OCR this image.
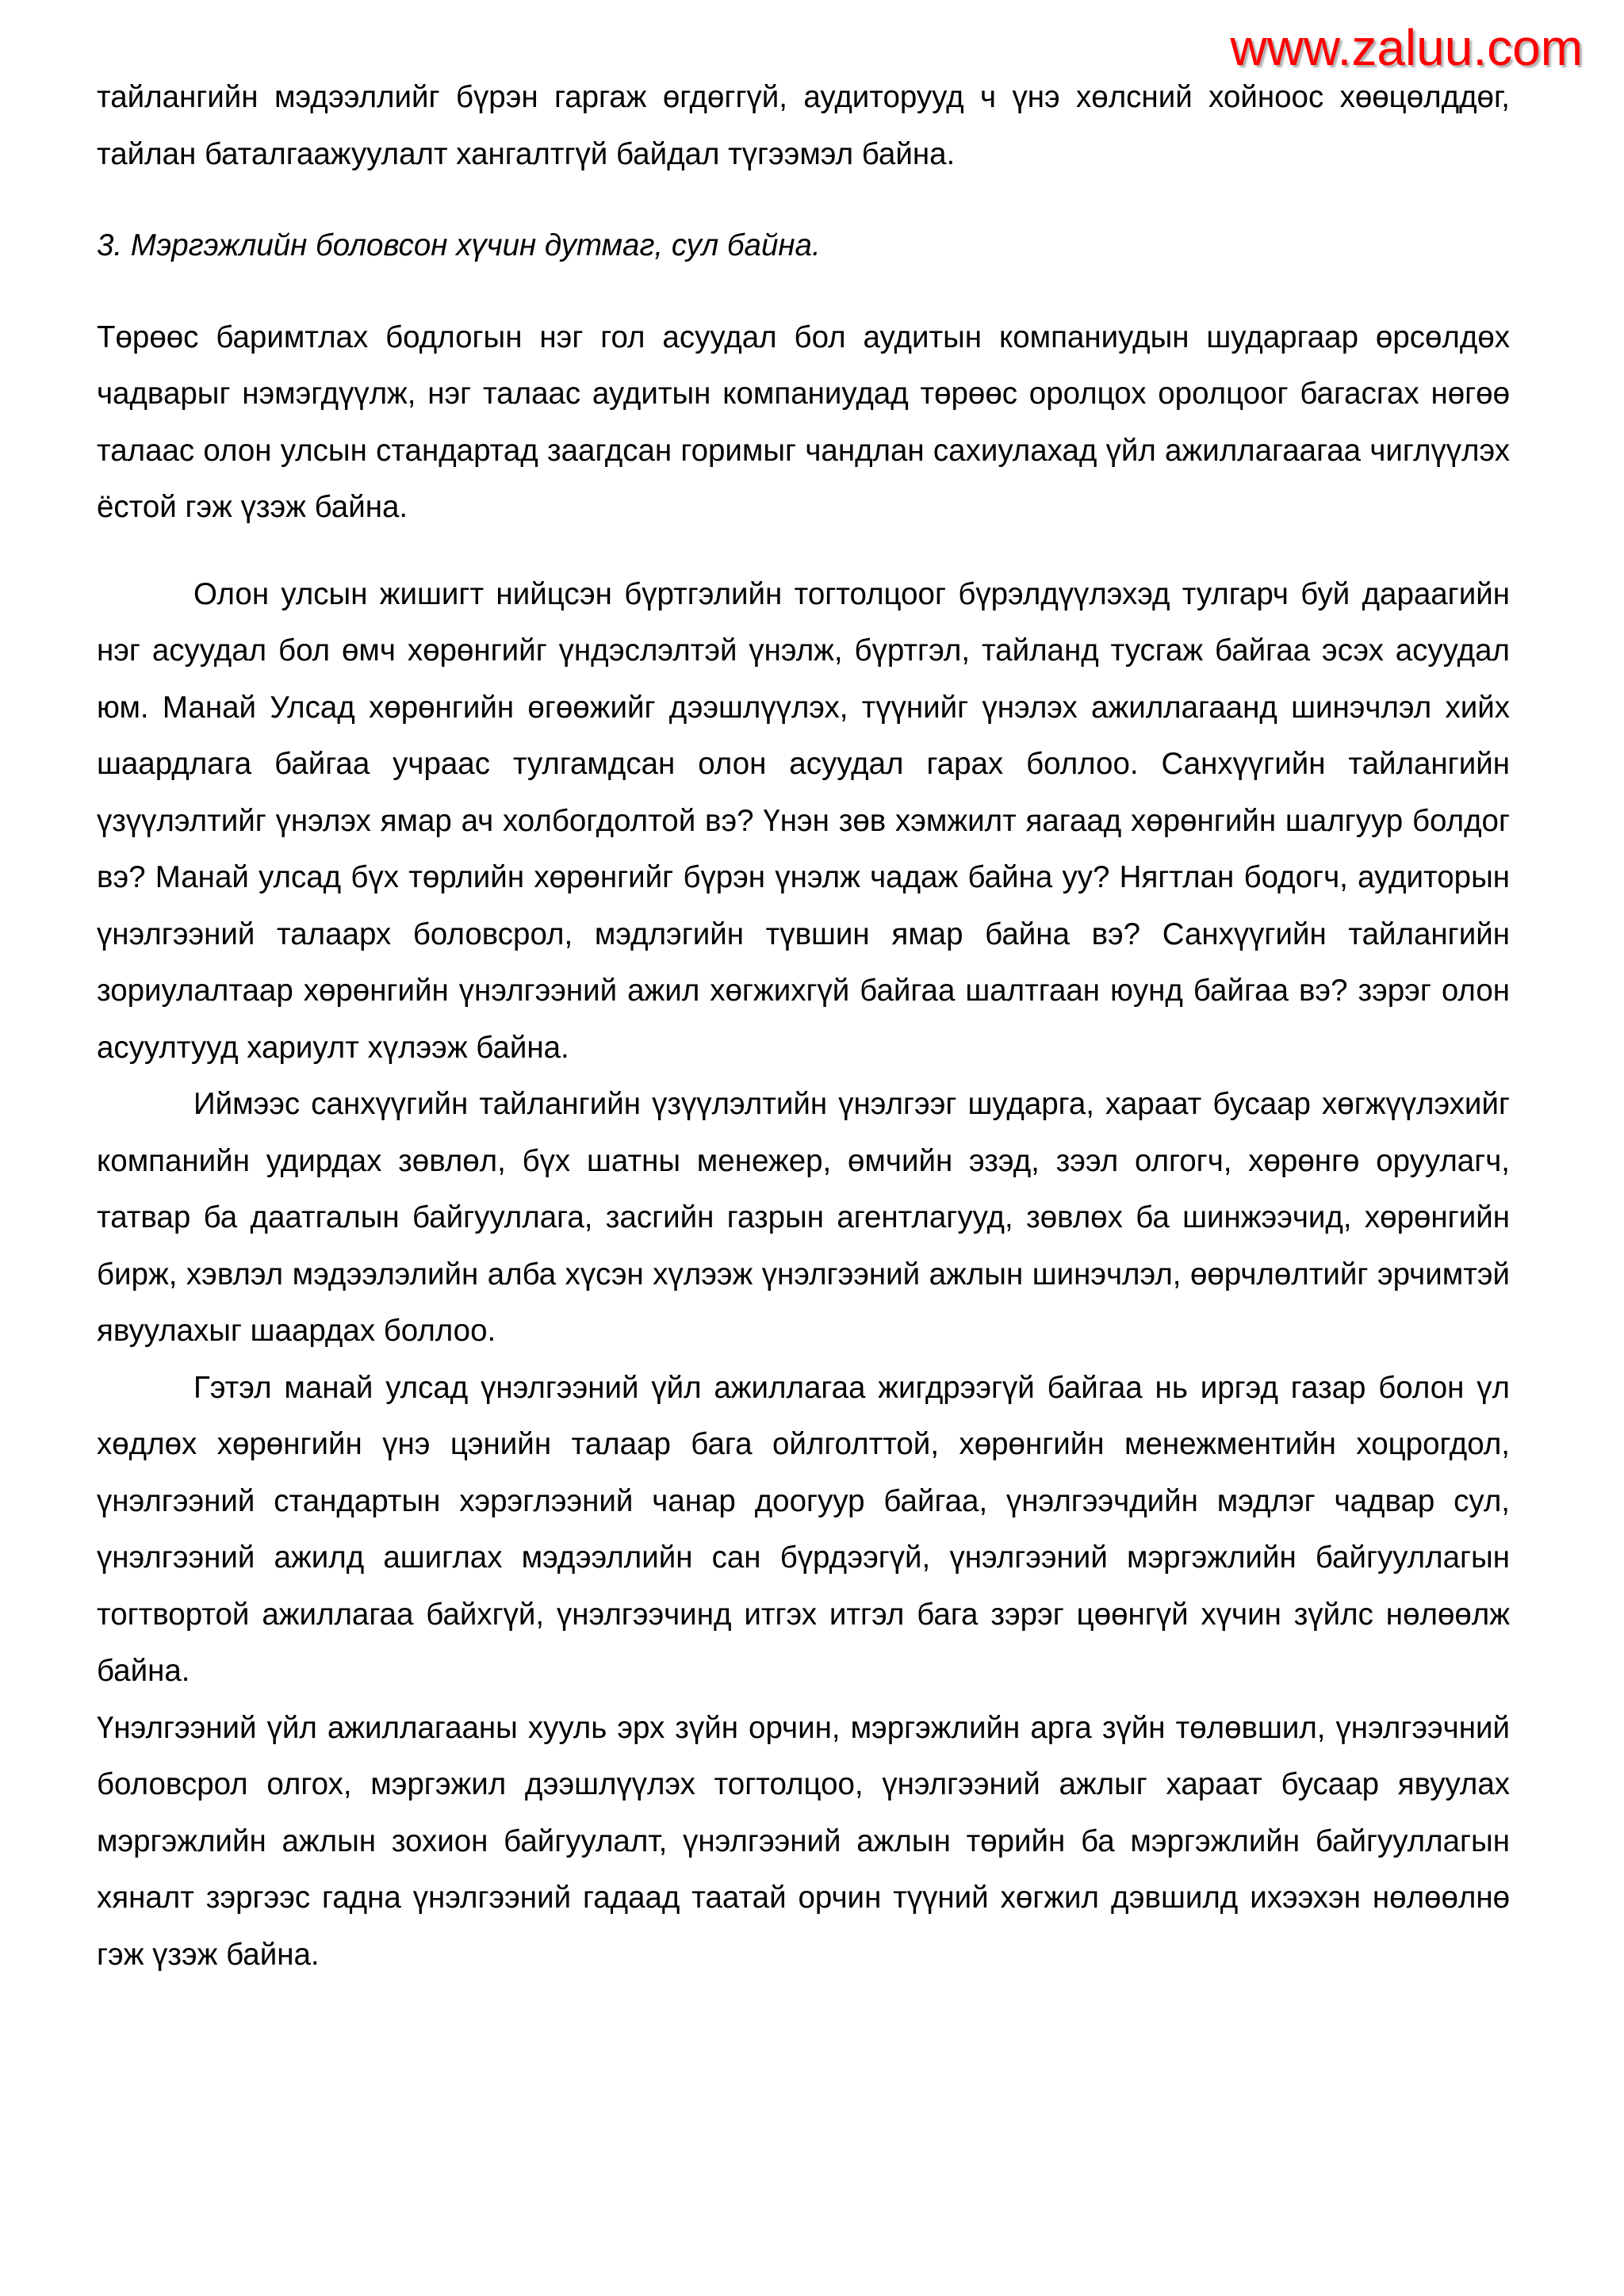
www.zaluu.com

тайлангийн мэдээллийг бүрэн гаргаж өгдөггүй, аудиторууд ч үнэ хөлсний хойноос хөөцөлддөг, тайлан баталгаажуулалт хангалтгүй байдал түгээмэл байна.

3. Мэргэжлийн боловсон хүчин дутмаг, сул байна.

Төрөөс баримтлах бодлогын нэг гол асуудал бол аудитын компаниудын шударгаар өрсөлдөх чадварыг нэмэгдүүлж, нэг талаас аудитын компаниудад төрөөс оролцох оролцоог багасгах нөгөө талаас олон улсын стандартад заагдсан горимыг чандлан сахиулахад үйл ажиллагаагаа чиглүүлэх ёстой гэж үзэж байна.

Олон улсын жишигт нийцсэн бүртгэлийн тогтолцоог бүрэлдүүлэхэд тулгарч буй дараагийн нэг асуудал бол өмч хөрөнгийг үндэслэлтэй үнэлж, бүртгэл, тайланд тусгаж байгаа эсэх асуудал юм. Манай Улсад хөрөнгийн өгөөжийг дээшлүүлэх, түүнийг үнэлэх ажиллагаанд шинэчлэл хийх шаардлага байгаа учраас тулгамдсан олон асуудал гарах боллоо. Санхүүгийн тайлангийн үзүүлэлтийг үнэлэх ямар ач холбогдолтой вэ? Үнэн зөв хэмжилт яагаад хөрөнгийн шалгуур болдог вэ? Манай улсад бүх төрлийн хөрөнгийг бүрэн үнэлж чадаж байна уу? Нягтлан бодогч, аудиторын үнэлгээний талаарх боловсрол, мэдлэгийн түвшин ямар байна вэ? Санхүүгийн тайлангийн зориулалтаар хөрөнгийн үнэлгээний ажил хөгжихгүй байгаа шалтгаан юунд байгаа вэ? зэрэг олон асуултууд хариулт хүлээж байна.

Иймээс санхүүгийн тайлангийн үзүүлэлтийн үнэлгээг шударга, хараат бусаар хөгжүүлэхийг компанийн удирдах зөвлөл, бүх шатны менежер, өмчийн эзэд, зээл олгогч, хөрөнгө оруулагч, татвар ба даатгалын байгууллага, засгийн газрын агентлагууд, зөвлөх ба шинжээчид, хөрөнгийн бирж, хэвлэл мэдээлэлийн алба хүсэн хүлээж үнэлгээний ажлын шинэчлэл, өөрчлөлтийг эрчимтэй явуулахыг шаардах боллоо.

Гэтэл манай улсад үнэлгээний үйл ажиллагаа жигдрээгүй байгаа нь иргэд газар болон үл хөдлөх хөрөнгийн үнэ цэнийн талаар бага ойлголттой, хөрөнгийн менежментийн хоцрогдол, үнэлгээний стандартын хэрэглээний чанар доогуур байгаа, үнэлгээчдийн мэдлэг чадвар сул, үнэлгээний ажилд ашиглах мэдээллийн сан бүрдээгүй, үнэлгээний мэргэжлийн байгууллагын тогтвортой ажиллагаа байхгүй, үнэлгээчинд итгэх итгэл бага зэрэг цөөнгүй хүчин зүйлс нөлөөлж байна.

Үнэлгээний үйл ажиллагааны хууль эрх зүйн орчин, мэргэжлийн арга зүйн төлөвшил, үнэлгээчний боловсрол олгох, мэргэжил дээшлүүлэх тогтолцоо, үнэлгээний ажлыг хараат бусаар явуулах мэргэжлийн ажлын зохион байгуулалт, үнэлгээний ажлын төрийн ба мэргэжлийн байгууллагын хяналт зэргээс гадна үнэлгээний гадаад таатай орчин түүний хөгжил дэвшилд ихээхэн нөлөөлнө гэж үзэж байна.
